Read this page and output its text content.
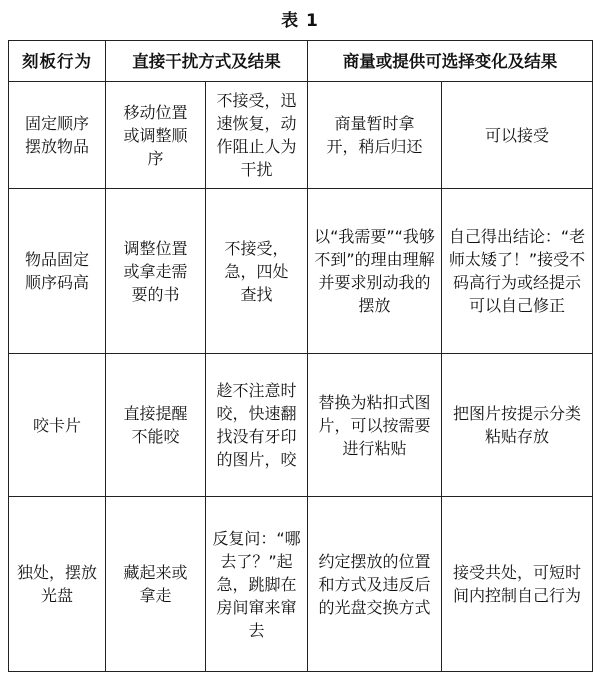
表 1
刻板行为	直接干扰方式及结果		商量或提供可选择变化及结果	
固定顺序摆放物品	移动位置或调整顺序	不接受，迅速恢复，动作阻止人为干扰	商量暂时拿开，稍后归还	可以接受
物品固定顺序码高	调整位置或拿走需要的书	不接受，急，四处查找	以“我需要”“我够不到”的理由理解并要求别动我的摆放	自己得出结论：“老师太矮了！”接受不码高行为或经提示可以自己修正
咬卡片	直接提醒不能咬	趁不注意时咬，快速翻找没有牙印的图片，咬	替换为粘扣式图片，可以按需要进行粘贴	把图片按提示分类粘贴存放
独处，摆放光盘	藏起来或拿走	反复问：“哪去了？”起急，跳脚在房间窜来窜去	约定摆放的位置和方式及违反后的光盘交换方式	接受共处，可短时间内控制自己行为
